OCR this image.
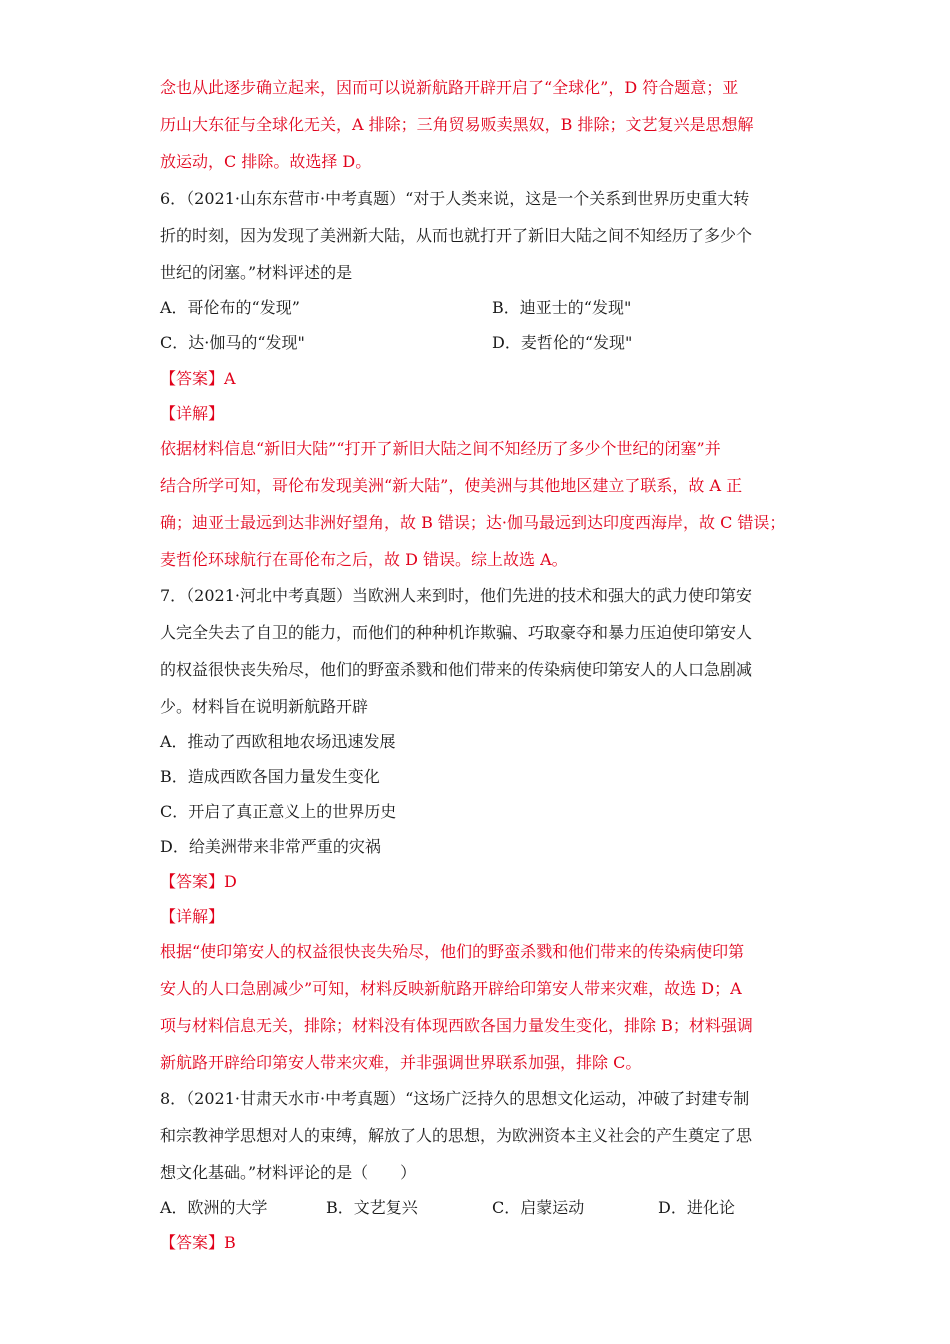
念也从此逐步确立起来，因而可以说新航路开辟开启了“全球化”，D 符合题意；亚
历山大东征与全球化无关，A 排除；三角贸易贩卖黑奴，B 排除；文艺复兴是思想解
放运动，C 排除。故选择 D。
6．（2021·山东东营市·中考真题）“对于人类来说，这是一个关系到世界历史重大转
折的时刻，因为发现了美洲新大陆，从而也就打开了新旧大陆之间不知经历了多少个
世纪的闭塞。”材料评述的是
A．哥伦布的“发现”	B．迪亚士的“发现"
C．达·伽马的“发现"	D．麦哲伦的“发现"
【答案】A
【详解】
依据材料信息“新旧大陆”“打开了新旧大陆之间不知经历了多少个世纪的闭塞”并
结合所学可知，哥伦布发现美洲“新大陆”，使美洲与其他地区建立了联系，故 A 正
确；迪亚士最远到达非洲好望角，故 B 错误；达·伽马最远到达印度西海岸，故 C 错误；
麦哲伦环球航行在哥伦布之后，故 D 错误。综上故选 A。
7．（2021·河北中考真题）当欧洲人来到时，他们先进的技术和强大的武力使印第安
人完全失去了自卫的能力，而他们的种种机诈欺骗、巧取豪夺和暴力压迫使印第安人
的权益很快丧失殆尽，他们的野蛮杀戮和他们带来的传染病使印第安人的人口急剧减
少。材料旨在说明新航路开辟
A．推动了西欧租地农场迅速发展
B．造成西欧各国力量发生变化
C．开启了真正意义上的世界历史
D．给美洲带来非常严重的灾祸
【答案】D
【详解】
根据“使印第安人的权益很快丧失殆尽，他们的野蛮杀戮和他们带来的传染病使印第
安人的人口急剧减少”可知，材料反映新航路开辟给印第安人带来灾难，故选 D；A
项与材料信息无关，排除；材料没有体现西欧各国力量发生变化，排除 B；材料强调
新航路开辟给印第安人带来灾难，并非强调世界联系加强，排除 C。
8．（2021·甘肃天水市·中考真题）“这场广泛持久的思想文化运动，冲破了封建专制
和宗教神学思想对人的束缚，解放了人的思想，为欧洲资本主义社会的产生奠定了思
想文化基础。”材料评论的是（　　）
A．欧洲的大学	B．文艺复兴	C．启蒙运动	D．进化论
【答案】B
